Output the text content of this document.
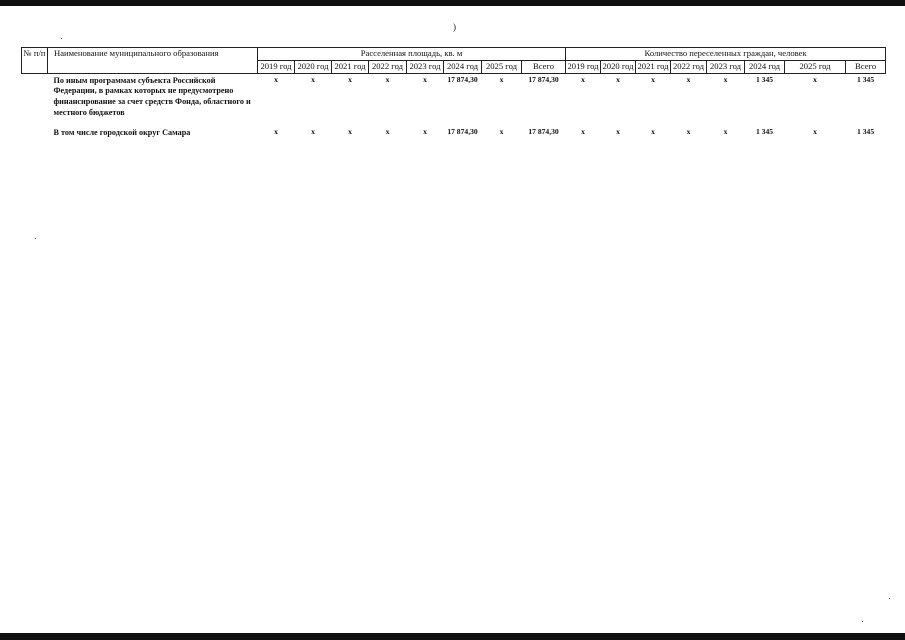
)
№ п/п	Наименование муниципального образования	Расселенная площадь, кв. м								Количество переселенных граждан, человек							
		2019 год	2020 год	2021 год	2022 год	2023 год	2024 год	2025 год	Всего	2019 год	2020 год	2021 год	2022 год	2023 год	2024 год	2025 год	Всего
	По иным программам субъекта Российской Федерации, в рамках которых не предусмотрено финансирование за счет средств Фонда, областного и местного бюджетов	х	х	х	х	х	17 874,30	х	17 874,30	х	х	х	х	х	1 345	х	1 345

	В том числе городской округ Самара	х	х	х	х	х	17 874,30	х	17 874,30	х	х	х	х	х	1 345	х	1 345
